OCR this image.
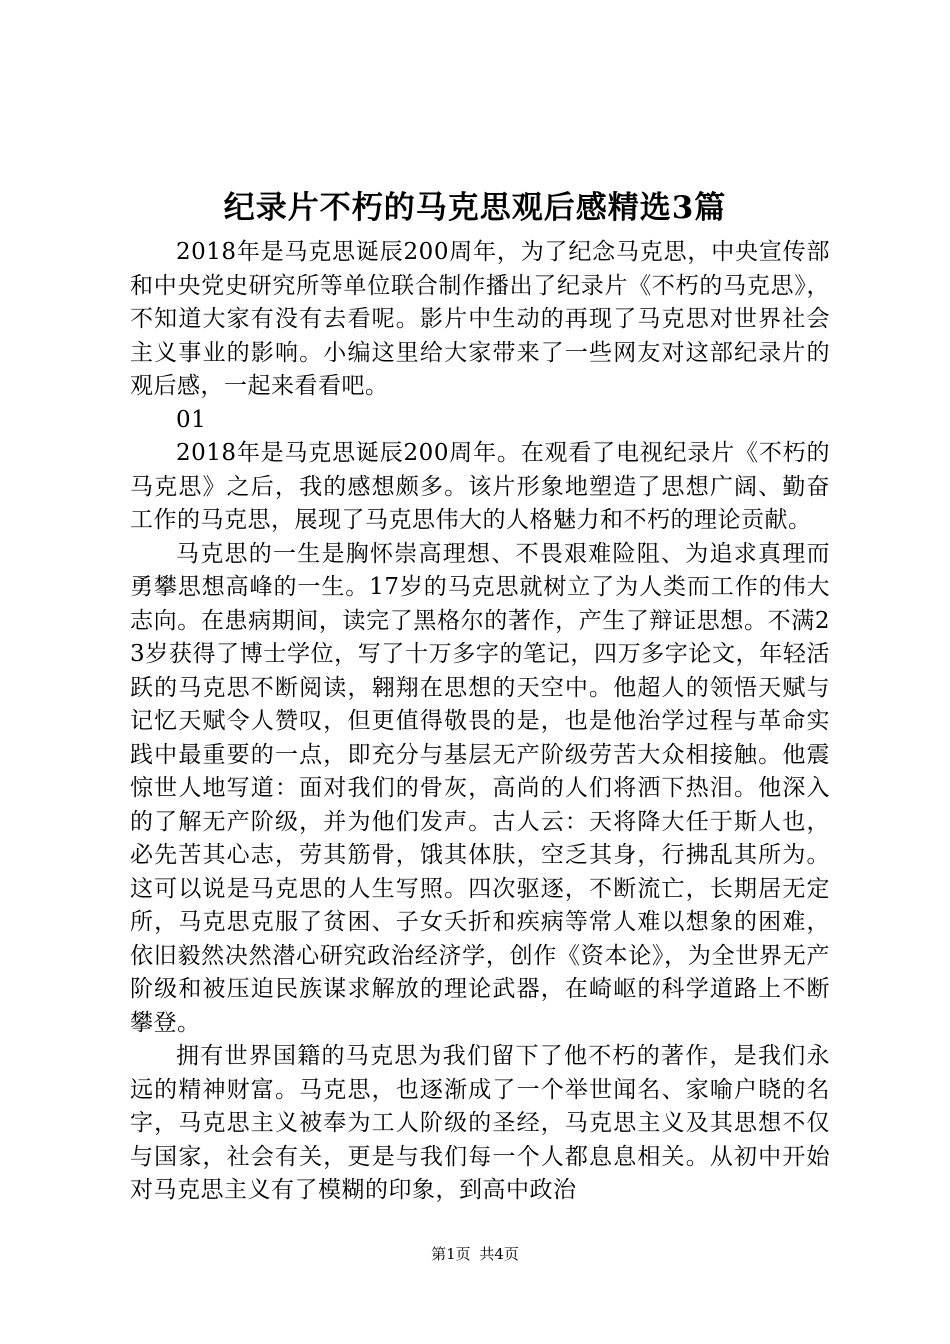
纪录片不朽的马克思观后感精选3篇

2018年是马克思诞辰200周年，为了纪念马克思，中央宣传部和中央党史研究所等单位联合制作播出了纪录片《不朽的马克思》，不知道大家有没有去看呢。影片中生动的再现了马克思对世界社会主义事业的影响。小编这里给大家带来了一些网友对这部纪录片的观后感，一起来看看吧。

01

2018年是马克思诞辰200周年。在观看了电视纪录片《不朽的马克思》之后，我的感想颇多。该片形象地塑造了思想广阔、勤奋工作的马克思，展现了马克思伟大的人格魅力和不朽的理论贡献。

马克思的一生是胸怀崇高理想、不畏艰难险阻、为追求真理而勇攀思想高峰的一生。17岁的马克思就树立了为人类而工作的伟大志向。在患病期间，读完了黑格尔的著作，产生了辩证思想。不满23岁获得了博士学位，写了十万多字的笔记，四万多字论文，年轻活跃的马克思不断阅读，翱翔在思想的天空中。他超人的领悟天赋与记忆天赋令人赞叹，但更值得敬畏的是，也是他治学过程与革命实践中最重要的一点，即充分与基层无产阶级劳苦大众相接触。他震惊世人地写道：面对我们的骨灰，高尚的人们将洒下热泪。他深入的了解无产阶级，并为他们发声。古人云：天将降大任于斯人也，必先苦其心志，劳其筋骨，饿其体肤，空乏其身，行拂乱其所为。这可以说是马克思的人生写照。四次驱逐，不断流亡，长期居无定所，马克思克服了贫困、子女夭折和疾病等常人难以想象的困难，依旧毅然决然潜心研究政治经济学，创作《资本论》，为全世界无产阶级和被压迫民族谋求解放的理论武器，在崎岖的科学道路上不断攀登。

拥有世界国籍的马克思为我们留下了他不朽的著作，是我们永远的精神财富。马克思，也逐渐成了一个举世闻名、家喻户晓的名字，马克思主义被奉为工人阶级的圣经，马克思主义及其思想不仅与国家，社会有关，更是与我们每一个人都息息相关。从初中开始对马克思主义有了模糊的印象，到高中政治

第1页 共4页
